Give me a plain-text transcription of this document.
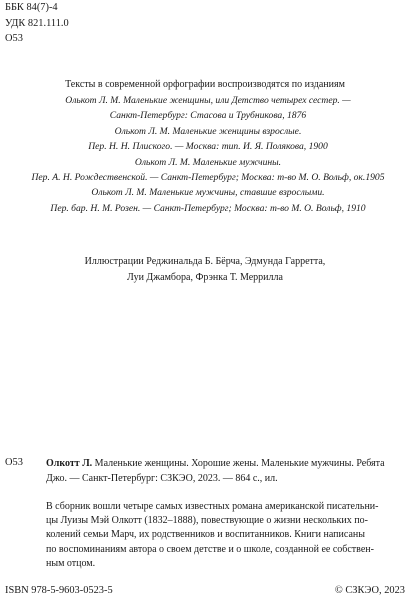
ББК 84(7)-4
УДК 821.111.0
О53
Тексты в современной орфографии воспроизводятся по изданиям
Олькот Л. М. Маленькие женщины, или Детство четырех сестер. —
Санкт-Петербург: Стасова и Трубникова, 1876
Олькот Л. М. Маленькие женщины взрослые.
Пер. Н. Н. Плиского. — Москва: тип. И. Я. Полякова, 1900
Олькот Л. М. Маленькие мужчины.
Пер. А. Н. Рождественской. — Санкт-Петербург; Москва: т-во М. О. Вольф, ок.1905
Олькот Л. М. Маленькие мужчины, ставшие взрослыми.
Пер. бар. Н. М. Розен. — Санкт-Петербург; Москва: т-во М. О. Вольф, 1910
Иллюстрации Реджинальда Б. Бёрча, Эдмунда Гарретта,
Луи Джамбора, Фрэнка Т. Меррилла
О53 Олкотт Л. Маленькие женщины. Хорошие жены. Маленькие мужчины. Ребята Джо. — Санкт-Петербург: СЗКЭО, 2023. — 864 с., ил.
В сборник вошли четыре самых известных романа американской писательни-
цы Луизы Мэй Олкотт (1832–1888), повествующие о жизни нескольких по-
колений семьи Марч, их родственников и воспитанников. Книги написаны
по воспоминаниям автора о своем детстве и о школе, созданной ее собствен-
ным отцом.
ISBN 978-5-9603-0523-5	© СЗКЭО, 2023
